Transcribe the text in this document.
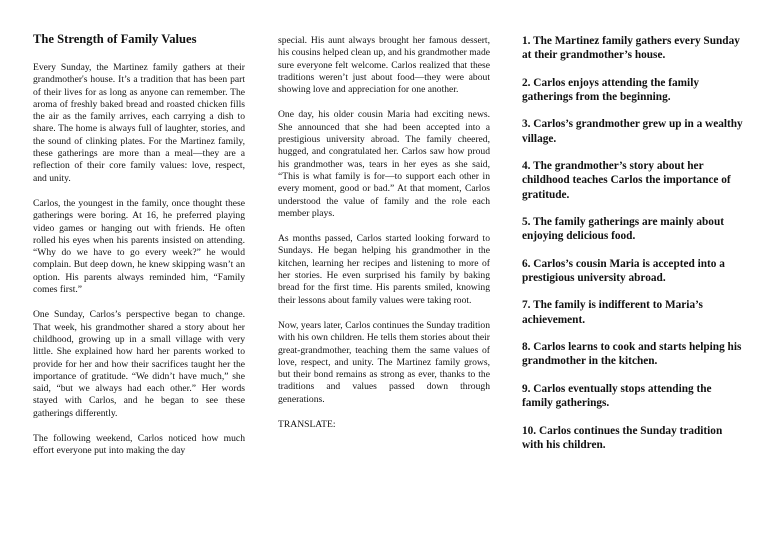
The Strength of Family Values

Every Sunday, the Martinez family gathers at their grandmother's house. It’s a tradition that has been part of their lives for as long as anyone can remember. The aroma of freshly baked bread and roasted chicken fills the air as the family arrives, each carrying a dish to share. The home is always full of laughter, stories, and the sound of clinking plates. For the Martinez family, these gatherings are more than a meal—they are a reflection of their core family values: love, respect, and unity.

Carlos, the youngest in the family, once thought these gatherings were boring. At 16, he preferred playing video games or hanging out with friends. He often rolled his eyes when his parents insisted on attending. “Why do we have to go every week?” he would complain. But deep down, he knew skipping wasn’t an option. His parents always reminded him, “Family comes first.”

One Sunday, Carlos’s perspective began to change. That week, his grandmother shared a story about her childhood, growing up in a small village with very little. She explained how hard her parents worked to provide for her and how their sacrifices taught her the importance of gratitude. “We didn’t have much,” she said, “but we always had each other.” Her words stayed with Carlos, and he began to see these gatherings differently.

The following weekend, Carlos noticed how much effort everyone put into making the day

special. His aunt always brought her famous dessert, his cousins helped clean up, and his grandmother made sure everyone felt welcome. Carlos realized that these traditions weren’t just about food—they were about showing love and appreciation for one another.

One day, his older cousin Maria had exciting news. She announced that she had been accepted into a prestigious university abroad. The family cheered, hugged, and congratulated her. Carlos saw how proud his grandmother was, tears in her eyes as she said, “This is what family is for—to support each other in every moment, good or bad.” At that moment, Carlos understood the value of family and the role each member plays.

As months passed, Carlos started looking forward to Sundays. He began helping his grandmother in the kitchen, learning her recipes and listening to more of her stories. He even surprised his family by baking bread for the first time. His parents smiled, knowing their lessons about family values were taking root.

Now, years later, Carlos continues the Sunday tradition with his own children. He tells them stories about their great-grandmother, teaching them the same values of love, respect, and unity. The Martinez family grows, but their bond remains as strong as ever, thanks to the traditions and values passed down through generations.

TRANSLATE:

1. The Martinez family gathers every Sunday at their grandmother’s house.

2. Carlos enjoys attending the family gatherings from the beginning.

3. Carlos’s grandmother grew up in a wealthy village.

4. The grandmother’s story about her childhood teaches Carlos the importance of gratitude.

5. The family gatherings are mainly about enjoying delicious food.

6. Carlos’s cousin Maria is accepted into a prestigious university abroad.

7. The family is indifferent to Maria’s achievement.

8. Carlos learns to cook and starts helping his grandmother in the kitchen.

9. Carlos eventually stops attending the family gatherings.

10. Carlos continues the Sunday tradition with his children.
